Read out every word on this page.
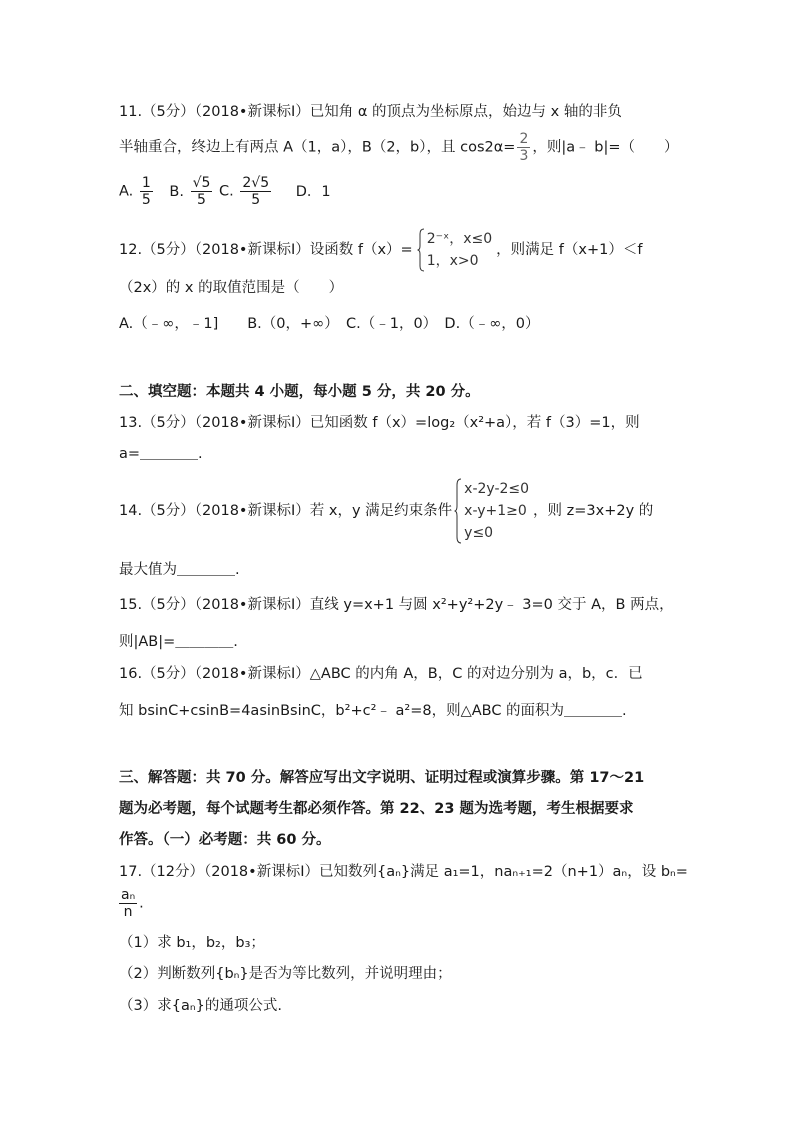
11.（5分）（2018•新课标Ⅰ）已知角 α 的顶点为坐标原点，始边与 x 轴的非负
半轴重合，终边上有两点 A（1，a），B（2，b），且 $\cos 2\alpha= \frac{2}{3}$ ，则|a﹣ b|=（　　）
A. $\frac{1}{5} B$. $\frac{√5}{5} C$. $\frac{2√5}{5}$ D．1
12.（5分）（2018•新课标Ⅰ）设函数 f（x）=
2⁻ˣ，x≤0
1，x>0
，则满足 f（x+1）＜f
（2x）的 x 的取值范围是（　　）
A.（﹣∞，﹣1]　　B.（0，+∞）　C.（﹣1，0）　D.（﹣∞，0）
二、填空题：本题共 4 小题，每小题 5 分，共 20 分。
13.（5分）（2018•新课标Ⅰ）已知函数 f（x）=log₂（x²+a），若 f（3）=1，则
a=＿＿＿＿.
14.（5分）（2018•新课标Ⅰ）若 x，y 满足约束条件
x-2y-2≤0
x-y+1≥0
y≤0
，则 z=3x+2y 的
最大值为＿＿＿＿.
15.（5分）（2018•新课标Ⅰ）直线 y=x+1 与圆 x²+y²+2y﹣ 3=0 交于 A，B 两点，
则|AB|=＿＿＿＿.
16.（5分）（2018•新课标Ⅰ）△ABC 的内角 A，B，C 的对边分别为 a，b，c．已
知 bsinC+csinB=4asinBsinC，b²+c²﹣ a²=8，则△ABC 的面积为＿＿＿＿.
三、解答题：共 70 分。解答应写出文字说明、证明过程或演算步骤。第 17～21
题为必考题，每个试题考生都必须作答。第 22、23 题为选考题，考生根据要求
作答。（一）必考题：共 60 分。
17.（12分）（2018•新课标Ⅰ）已知数列{aₙ}满足 a₁=1，naₙ₊₁=2（n+1）aₙ，设 bₙ=
$\frac{\text{aₙ}}{n}$ .
（1）求 b₁，b₂，b₃；
（2）判断数列{bₙ}是否为等比数列，并说明理由；
（3）求{aₙ}的通项公式.
